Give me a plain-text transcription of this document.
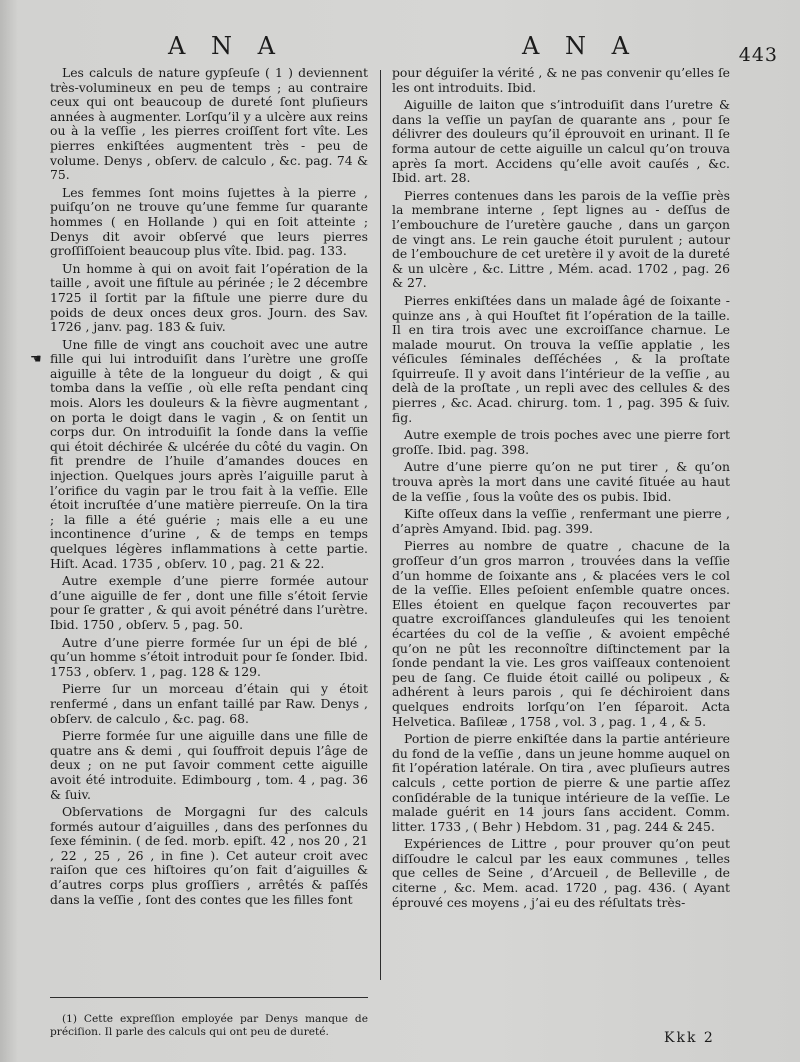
A N A	A N A	443
☚

Les calculs de nature gypſeuſe ( 1 ) deviennent très-volumineux en peu de temps ; au contraire ceux qui ont beaucoup de dureté ſont pluſieurs années à augmenter. Lorſqu’il y a ulcère aux reins ou à la veſſie , les pierres croiſſent fort vîte. Les pierres enkiſtées augmentent très - peu de volume. Denys , obſerv. de calculo , &c. pag. 74 & 75.

Les femmes ſont moins ſujettes à la pierre , puiſqu’on ne trouve qu’une femme ſur quarante hommes ( en Hollande ) qui en ſoit atteinte ; Denys dit avoir obſervé que leurs pierres groſſiſſoient beaucoup plus vîte. Ibid. pag. 133.

Un homme à qui on avoit fait l’opération de la taille , avoit une fiſtule au périnée ; le 2 décembre 1725 il ſortit par la fiſtule une pierre dure du poids de deux onces deux gros. Journ. des Sav. 1726 , janv. pag. 183 & ſuiv.

Une fille de vingt ans couchoit avec une autre fille qui lui introduiſit dans l’urètre une groſſe aiguille à tête de la longueur du doigt , & qui tomba dans la veſſie , où elle reſta pendant cinq mois. Alors les douleurs & la fièvre augmentant , on porta le doigt dans le vagin , & on ſentit un corps dur. On introduiſit la ſonde dans la veſſie qui étoit déchirée & ulcérée du côté du vagin. On fit prendre de l’huile d’amandes douces en injection. Quelques jours après l’aiguille parut à l’orifice du vagin par le trou fait à la veſſie. Elle étoit incruſtée d’une matière pierreuſe. On la tira ; la fille a été guérie ; mais elle a eu une incontinence d’urine , & de temps en temps quelques légères inflammations à cette partie. Hiſt. Acad. 1735 , obſerv. 10 , pag. 21 & 22.

Autre exemple d’une pierre formée autour d’une aiguille de fer , dont une fille s’étoit ſervie pour ſe gratter , & qui avoit pénétré dans l’urètre. Ibid. 1750 , obſerv. 5 , pag. 50.

Autre d’une pierre formée ſur un épi de blé , qu’un homme s’étoit introduit pour ſe ſonder. Ibid. 1753 , obſerv. 1 , pag. 128 & 129.

Pierre ſur un morceau d’étain qui y étoit renfermé , dans un enfant taillé par Raw. Denys , obſerv. de calculo , &c. pag. 68.

Pierre formée ſur une aiguille dans une fille de quatre ans & demi , qui ſouffroit depuis l’âge de deux ; on ne put ſavoir comment cette aiguille avoit été introduite. Edimbourg , tom. 4 , pag. 36 & ſuiv.

Obſervations de Morgagni ſur des calculs formés autour d’aiguilles , dans des perſonnes du ſexe féminin. ( de ſed. morb. epiſt. 42 , nos 20 , 21 , 22 , 25 , 26 , in fine ). Cet auteur croit avec raiſon que ces hiſtoires qu’on fait d’aiguilles & d’autres corps plus groſſiers , arrêtés & paſſés dans la veſſie , ſont des contes que les filles font

pour déguiſer la vérité , & ne pas convenir qu’elles ſe les ont introduits. Ibid.

Aiguille de laiton que s’introduiſit dans l’uretre & dans la veſſie un payſan de quarante ans , pour ſe délivrer des douleurs qu’il éprouvoit en urinant. Il ſe forma autour de cette aiguille un calcul qu’on trouva après ſa mort. Accidens qu’elle avoit cauſés , &c. Ibid. art. 28.

Pierres contenues dans les parois de la veſſie près la membrane interne , ſept lignes au - deſſus de l’embouchure de l’uretère gauche , dans un garçon de vingt ans. Le rein gauche étoit purulent ; autour de l’embouchure de cet uretère il y avoit de la dureté & un ulcère , &c. Littre , Mém. acad. 1702 , pag. 26 & 27.

Pierres enkiſtées dans un malade âgé de ſoixante - quinze ans , à qui Houſtet fit l’opération de la taille. Il en tira trois avec une excroiſſance charnue. Le malade mourut. On trouva la veſſie applatie , les véſicules ſéminales deſſéchées , & la proſtate ſquirreuſe. Il y avoit dans l’intérieur de la veſſie , au delà de la proſtate , un repli avec des cellules & des pierres , &c. Acad. chirurg. tom. 1 , pag. 395 & ſuiv. fig.

Autre exemple de trois poches avec une pierre fort groſſe. Ibid. pag. 398.

Autre d’une pierre qu’on ne put tirer , & qu’on trouva après la mort dans une cavité ſituée au haut de la veſſie , ſous la voûte des os pubis. Ibid.

Kiſte oſſeux dans la veſſie , renfermant une pierre , d’après Amyand. Ibid. pag. 399.

Pierres au nombre de quatre , chacune de la groſſeur d’un gros marron , trouvées dans la veſſie d’un homme de ſoixante ans , & placées vers le col de la veſſie. Elles peſoient enſemble quatre onces. Elles étoient en quelque façon recouvertes par quatre excroiſſances glanduleuſes qui les tenoient écartées du col de la veſſie , & avoient empêché qu’on ne pût les reconnoître diſtinctement par la ſonde pendant la vie. Les gros vaiſſeaux contenoient peu de ſang. Ce fluide étoit caillé ou polipeux , & adhérent à leurs parois , qui ſe déchiroient dans quelques endroits lorſqu’on l’en ſéparoit. Acta Helvetica. Baſileæ , 1758 , vol. 3 , pag. 1 , 4 , & 5.

Portion de pierre enkiſtée dans la partie antérieure du fond de la veſſie , dans un jeune homme auquel on fit l’opération latérale. On tira , avec pluſieurs autres calculs , cette portion de pierre & une partie aſſez conſidérable de la tunique intérieure de la veſſie. Le malade guérit en 14 jours ſans accident. Comm. litter. 1733 , ( Behr ) Hebdom. 31 , pag. 244 & 245.

Expériences de Littre , pour prouver qu’on peut diſſoudre le calcul par les eaux communes , telles que celles de Seine , d’Arcueil , de Belleville , de citerne , &c. Mem. acad. 1720 , pag. 436. ( Ayant éprouvé ces moyens , j’ai eu des réſultats très-

(1) Cette expreſſion employée par Denys manque de préciſion. Il parle des calculs qui ont peu de dureté.	Kkk 2
